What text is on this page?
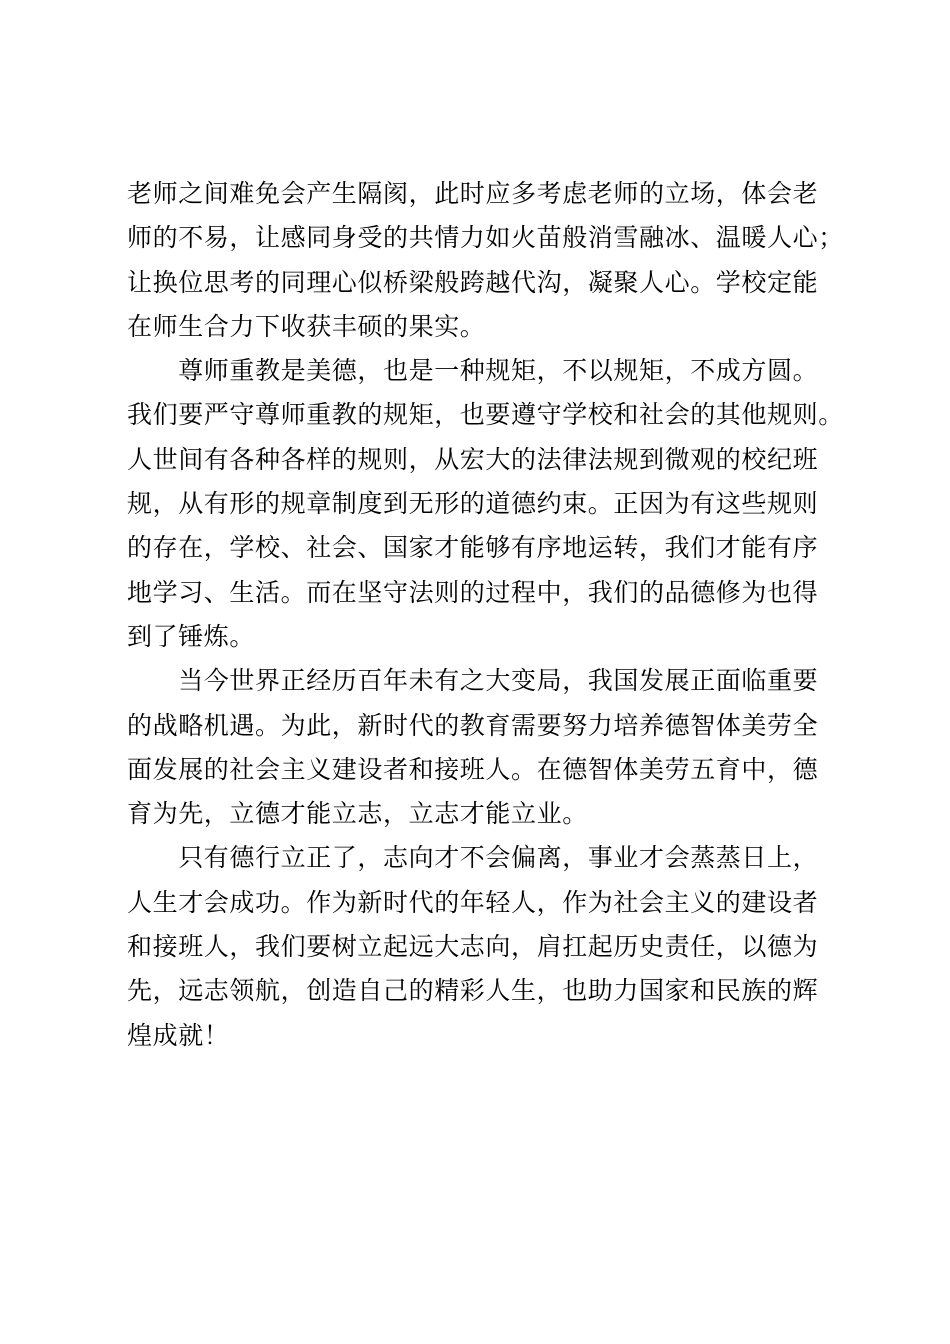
老师之间难免会产生隔阂，此时应多考虑老师的立场，体会老
师的不易，让感同身受的共情力如火苗般消雪融冰、温暖人心；
让换位思考的同理心似桥梁般跨越代沟，凝聚人心。学校定能
在师生合力下收获丰硕的果实。
　　尊师重教是美德，也是一种规矩，不以规矩，不成方圆。
我们要严守尊师重教的规矩，也要遵守学校和社会的其他规则。
人世间有各种各样的规则，从宏大的法律法规到微观的校纪班
规，从有形的规章制度到无形的道德约束。正因为有这些规则
的存在，学校、社会、国家才能够有序地运转，我们才能有序
地学习、生活。而在坚守法则的过程中，我们的品德修为也得
到了锤炼。
　　当今世界正经历百年未有之大变局，我国发展正面临重要
的战略机遇。为此，新时代的教育需要努力培养德智体美劳全
面发展的社会主义建设者和接班人。在德智体美劳五育中，德
育为先，立德才能立志，立志才能立业。
　　只有德行立正了，志向才不会偏离，事业才会蒸蒸日上，
人生才会成功。作为新时代的年轻人，作为社会主义的建设者
和接班人，我们要树立起远大志向，肩扛起历史责任，以德为
先，远志领航，创造自己的精彩人生，也助力国家和民族的辉
煌成就！
